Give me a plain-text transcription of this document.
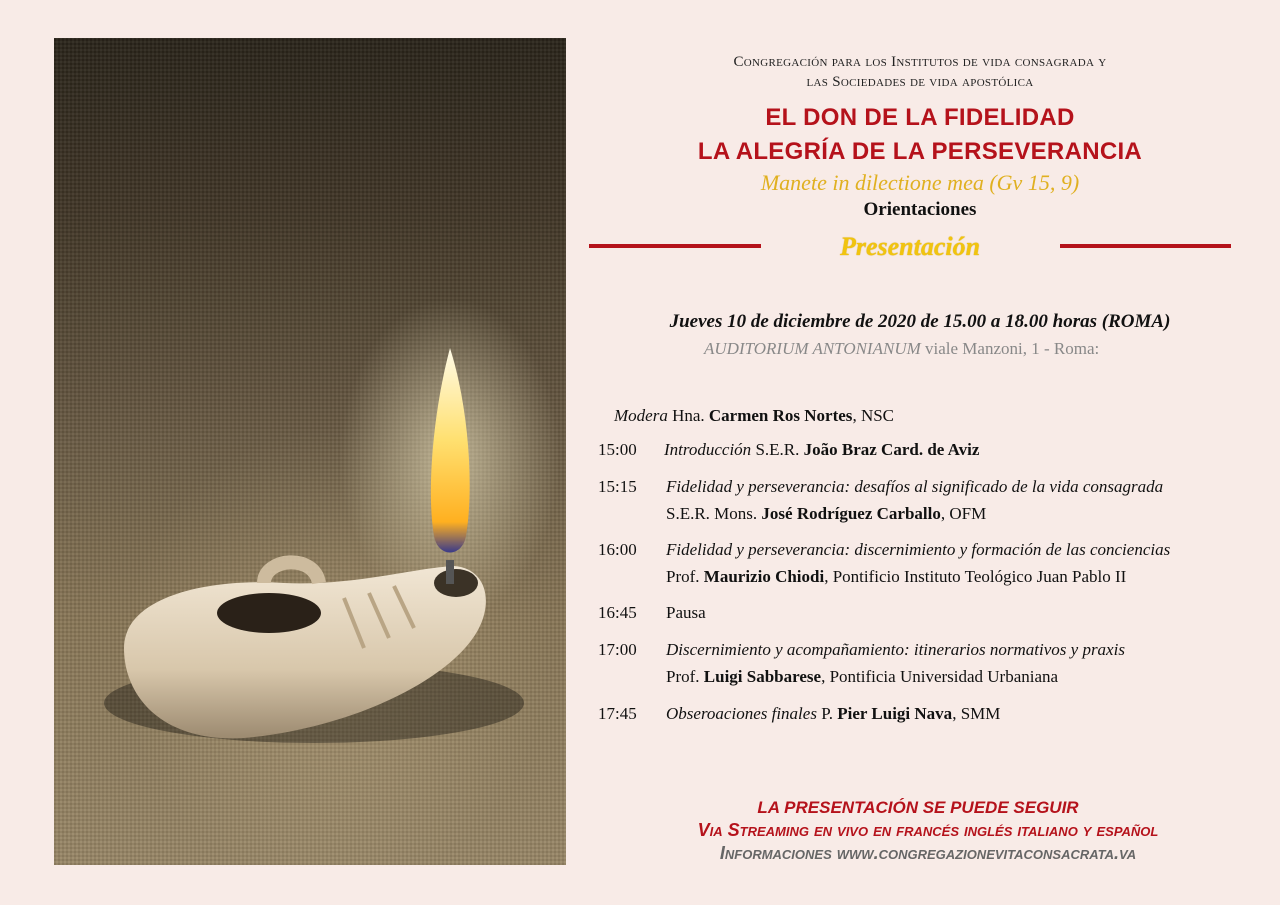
Congregación para los Institutos de vida consagrada y
las Sociedades de vida apostólica
EL DON DE LA FIDELIDAD
LA ALEGRÍA DE LA PERSEVERANCIA
Manete in dilectione mea (Gv 15, 9)
Orientaciones
Presentación
Jueves 10 de diciembre de 2020 de 15.00 a 18.00 horas (ROMA)
AUDITORIUM ANTONIANUM viale Manzoni, 1 - Roma:
Modera Hna. Carmen Ros Nortes, NSC
15:00 Introducción S.E.R. João Braz Card. de Aviz
15:15 Fidelidad y perseverancia: desafíos al significado de la vida consagrada
S.E.R. Mons. José Rodríguez Carballo, OFM
16:00 Fidelidad y perseverancia: discernimiento y formación de las conciencias
Prof. Maurizio Chiodi, Pontificio Instituto Teológico Juan Pablo II
16:45 Pausa
17:00 Discernimiento y acompañamiento: itinerarios normativos y praxis
Prof. Luigi Sabbarese, Pontificia Universidad Urbaniana
17:45 Obseroaciones finales P. Pier Luigi Nava, SMM
LA PRESENTACIÓN SE PUEDE SEGUIR
Via Streaming en vivo en francés inglés italiano y español
Informaciones www.congregazionevitaconsacrata.va
